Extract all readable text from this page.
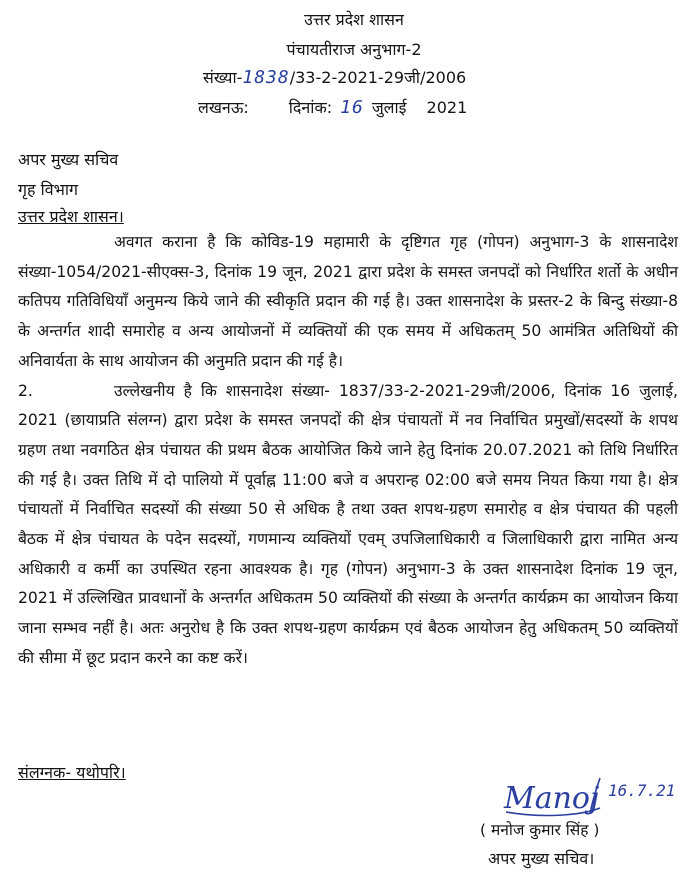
उत्तर प्रदेश शासन
पंचायतीराज अनुभाग-2
संख्या-1838/33-2-2021-29जी/2006
लखनऊ:	दिनांक: 16 जुलाई 2021
अपर मुख्य सचिव
गृह विभाग
उत्तर प्रदेश शासन।

अवगत कराना है कि कोविड-19 महामारी के दृष्टिगत गृह (गोपन) अनुभाग-3 के शासनादेश संख्या-1054/2021-सीएक्स-3, दिनांक 19 जून, 2021 द्वारा प्रदेश के समस्त जनपदों को निर्धारित शर्तो के अधीन कतिपय गतिविधियाँ अनुमन्य किये जाने की स्वीकृति प्रदान की गई है। उक्त शासनादेश के प्रस्तर-2 के बिन्दु संख्या-8 के अन्तर्गत शादी समारोह व अन्य आयोजनों में व्यक्तियों की एक समय में अधिकतम् 50 आमंत्रित अतिथियों की अनिवार्यता के साथ आयोजन की अनुमति प्रदान की गई है।

2.	उल्लेखनीय है कि शासनादेश संख्या- 1837/33-2-2021-29जी/2006, दिनांक 16 जुलाई, 2021 (छायाप्रति संलग्न) द्वारा प्रदेश के समस्त जनपदों की क्षेत्र पंचायतों में नव निर्वाचित प्रमुखों/सदस्यों के शपथ ग्रहण तथा नवगठित क्षेत्र पंचायत की प्रथम बैठक आयोजित किये जाने हेतु दिनांक 20.07.2021 को तिथि निर्धारित की गई है। उक्त तिथि में दो पालियो में पूर्वाह्न 11:00 बजे व अपरान्ह 02:00 बजे समय नियत किया गया है। क्षेत्र पंचायतों में निर्वाचित सदस्यों की संख्या 50 से अधिक है तथा उक्त शपथ-ग्रहण समारोह व क्षेत्र पंचायत की पहली बैठक में क्षेत्र पंचायत के पदेन सदस्यों, गणमान्य व्यक्तियों एवम् उपजिलाधिकारी व जिलाधिकारी द्वारा नामित अन्य अधिकारी व कर्मी का उपस्थित रहना आवश्यक है। गृह (गोपन) अनुभाग-3 के उक्त शासनादेश दिनांक 19 जून, 2021 में उल्लिखित प्रावधानों के अन्तर्गत अधिकतम 50 व्यक्तियों की संख्या के अन्तर्गत कार्यक्रम का आयोजन किया जाना सम्भव नहीं है। अतः अनुरोध है कि उक्त शपथ-ग्रहण कार्यक्रम एवं बैठक आयोजन हेतु अधिकतम् 50 व्यक्तियों की सीमा में छूट प्रदान करने का कष्ट करें।

संलग्नक- यथोपरि।
Manoj 16.7.21
( मनोज कुमार सिंह )
अपर मुख्य सचिव।
